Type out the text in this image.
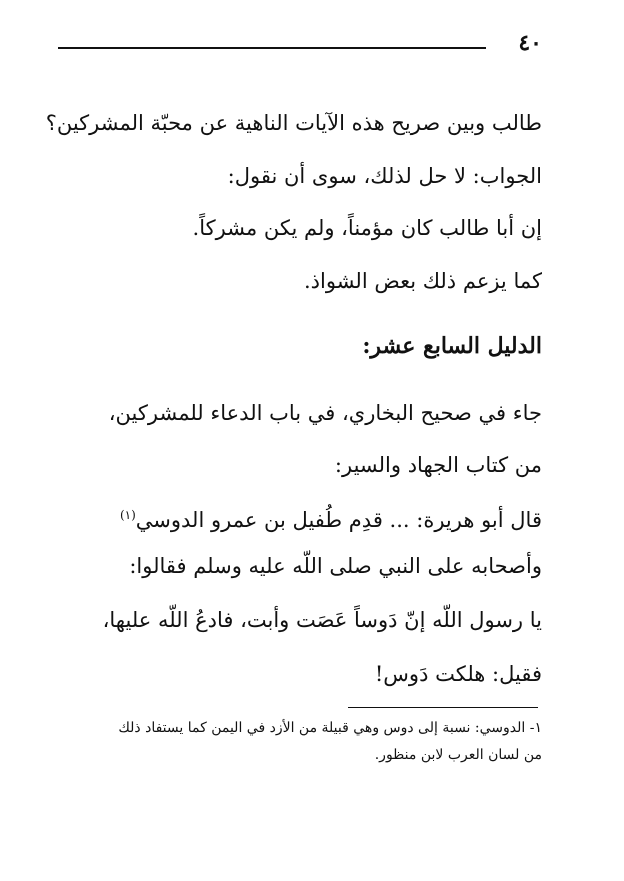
٤٠
طالب وبين صريح هذه الآيات الناهية عن محبّة المشركين؟
الجواب: لا حل لذلك، سوى أن نقول:
إن أبا طالب كان مؤمناً، ولم يكن مشركاً.
كما يزعم ذلك بعض الشواذ.
الدليل السابع عشر:
جاء في صحيح البخاري، في باب الدعاء للمشركين،
من كتاب الجهاد والسير:
قال أبو هريرة: ... قدِم طُفيل بن عمرو الدوسي$^{(١)}$
وأصحابه على النبي صلى اللّه عليه وسلم فقالوا:
يا رسول اللّه إنّ دَوساً عَصَت وأبت، فادعُ اللّه عليها،
فقيل: هلكت دَوس!
١- الدوسي: نسبة إلى دوس وهي قبيلة من الأزد في اليمن كما يستفاد ذلك
من لسان العرب لابن منظور.
